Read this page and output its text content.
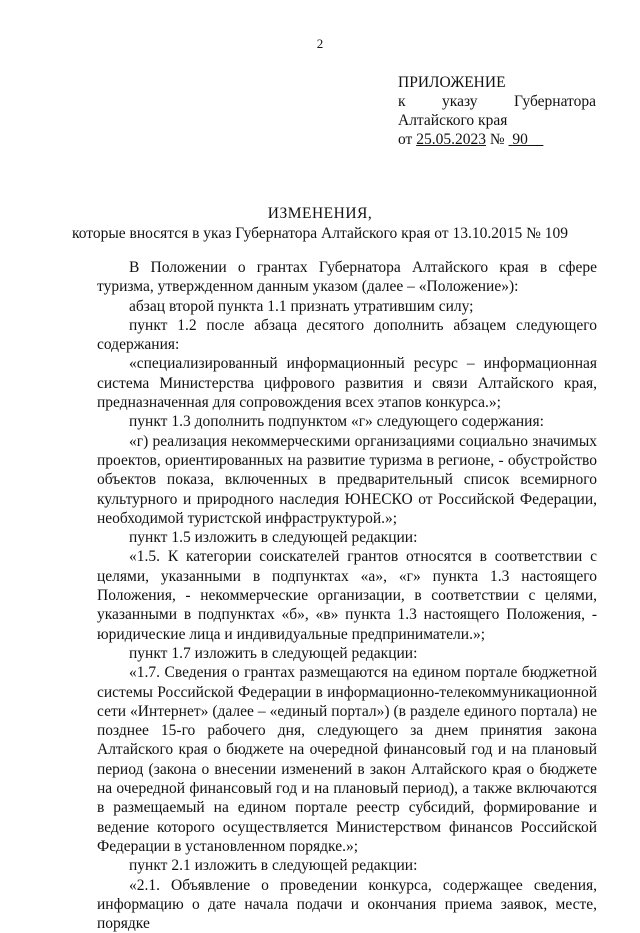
2
ПРИЛОЖЕНИЕ
к указу Губернатора
Алтайского края
от 25.05.2023 № 90
ИЗМЕНЕНИЯ,
которые вносятся в указ Губернатора Алтайского края от 13.10.2015 № 109

В Положении о грантах Губернатора Алтайского края в сфере туризма, утвержденном данным указом (далее – «Положение»):

абзац второй пункта 1.1 признать утратившим силу;

пункт 1.2 после абзаца десятого дополнить абзацем следующего содержания:

«специализированный информационный ресурс – информационная система Министерства цифрового развития и связи Алтайского края, предназначенная для сопровождения всех этапов конкурса.»;

пункт 1.3 дополнить подпунктом «г» следующего содержания:

«г) реализация некоммерческими организациями социально значимых проектов, ориентированных на развитие туризма в регионе, - обустройство объектов показа, включенных в предварительный список всемирного культурного и природного наследия ЮНЕСКО от Российской Федерации, необходимой туристской инфраструктурой.»;

пункт 1.5 изложить в следующей редакции:

«1.5. К категории соискателей грантов относятся в соответствии с целями, указанными в подпунктах «а», «г» пункта 1.3 настоящего Положения, - некоммерческие организации, в соответствии с целями, указанными в подпунктах «б», «в» пункта 1.3 настоящего Положения, - юридические лица и индивидуальные предприниматели.»;

пункт 1.7 изложить в следующей редакции:

«1.7. Сведения о грантах размещаются на едином портале бюджетной системы Российской Федерации в информационно-телекоммуникационной сети «Интернет» (далее – «единый портал») (в разделе единого портала) не позднее 15-го рабочего дня, следующего за днем принятия закона Алтайского края о бюджете на очередной финансовый год и на плановый период (закона о внесении изменений в закон Алтайского края о бюджете на очередной финансовый год и на плановый период), а также включаются в размещаемый на едином портале реестр субсидий, формирование и ведение которого осуществляется Министерством финансов Российской Федерации в установленном порядке.»;

пункт 2.1 изложить в следующей редакции:

«2.1. Объявление о проведении конкурса, содержащее сведения, информацию о дате начала подачи и окончания приема заявок, месте, порядке
